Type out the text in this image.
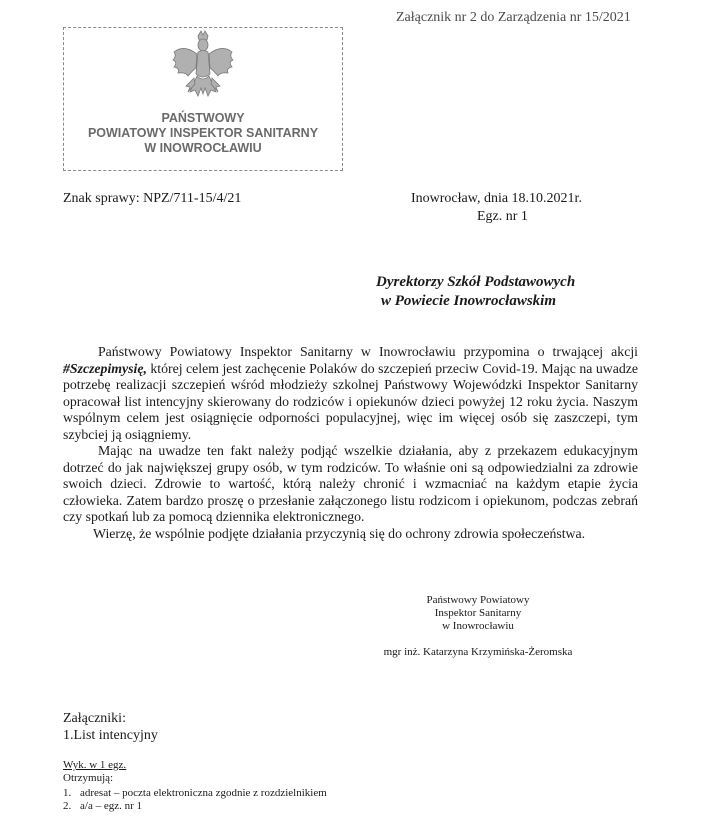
Załącznik nr 2 do Zarządzenia nr 15/2021
PAŃSTWOWY
POWIATOWY INSPEKTOR SANITARNY
W INOWROCŁAWIU
Znak sprawy: NPZ/711-15/4/21	Inowrocław, dnia 18.10.2021r.
Egz. nr 1
Dyrektorzy Szkół Podstawowych
w Powiecie Inowrocławskim

Państwowy Powiatowy Inspektor Sanitarny w Inowrocławiu przypomina o trwającej akcji #Szczepimysię, której celem jest zachęcenie Polaków do szczepień przeciw Covid-19. Mając na uwadze potrzebę realizacji szczepień wśród młodzieży szkolnej Państwowy Wojewódzki Inspektor Sanitarny opracował list intencyjny skierowany do rodziców i opiekunów dzieci powyżej 12 roku życia. Naszym wspólnym celem jest osiągnięcie odporności populacyjnej, więc im więcej osób się zaszczepi, tym szybciej ją osiągniemy.

Mając na uwadze ten fakt należy podjąć wszelkie działania, aby z przekazem edukacyjnym dotrzeć do jak największej grupy osób, w tym rodziców. To właśnie oni są odpowiedzialni za zdrowie swoich dzieci. Zdrowie to wartość, którą należy chronić i wzmacniać na każdym etapie życia człowieka. Zatem bardzo proszę o przesłanie załączonego listu rodzicom i opiekunom, podczas zebrań czy spotkań lub za pomocą dziennika elektronicznego.

Wierzę, że wspólnie podjęte działania przyczynią się do ochrony zdrowia społeczeństwa.

Państwowy Powiatowy
Inspektor Sanitarny
w Inowrocławiu
mgr inż. Katarzyna Krzymińska-Żeromska
Załączniki:
1.List intencyjny
Wyk. w 1 egz.
Otrzymują:
1. adresat – poczta elektroniczna zgodnie z rozdzielnikiem
2. a/a – egz. nr 1
